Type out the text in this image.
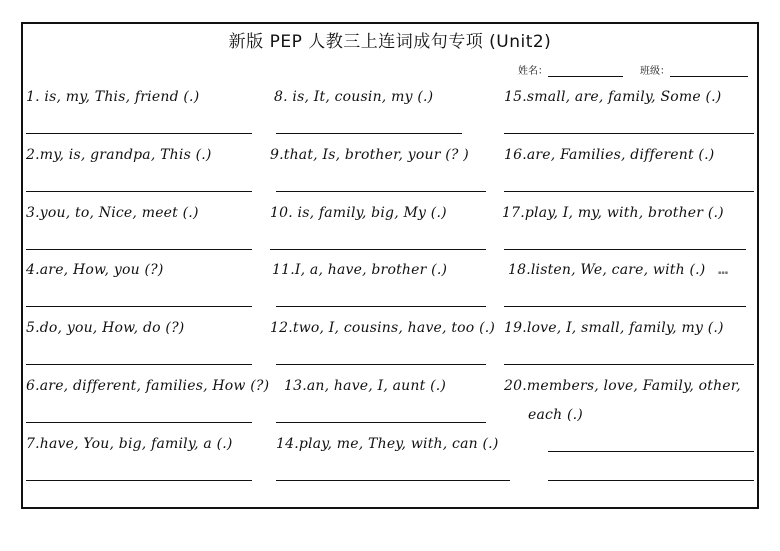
新版 PEP 人教三上连词成句专项 (Unit2)
姓名：	班级：
1. is, my, This, friend (.)
2.my, is, grandpa, This (.)
3.you, to, Nice, meet (.)
4.are, How, you (?)
5.do, you, How, do (?)
6.are, different, families, How (?)
7.have, You, big, family, a (.)
8. is, It, cousin, my (.)
9.that, Is, brother, your (? )
10. is, family, big, My (.)
11.I, a, have, brother (.)
12.two, I, cousins, have, too (.)
13.an, have, I, aunt (.)
14.play, me, They, with, can (.)
15.small, are, family, Some (.)
16.are, Families, different (.)
17.play, I, my, with, brother (.)
18.listen, We, care, with (.)	▪▪▪
19.love, I, small, family, my (.)
20.members, love, Family, other,
each (.)
